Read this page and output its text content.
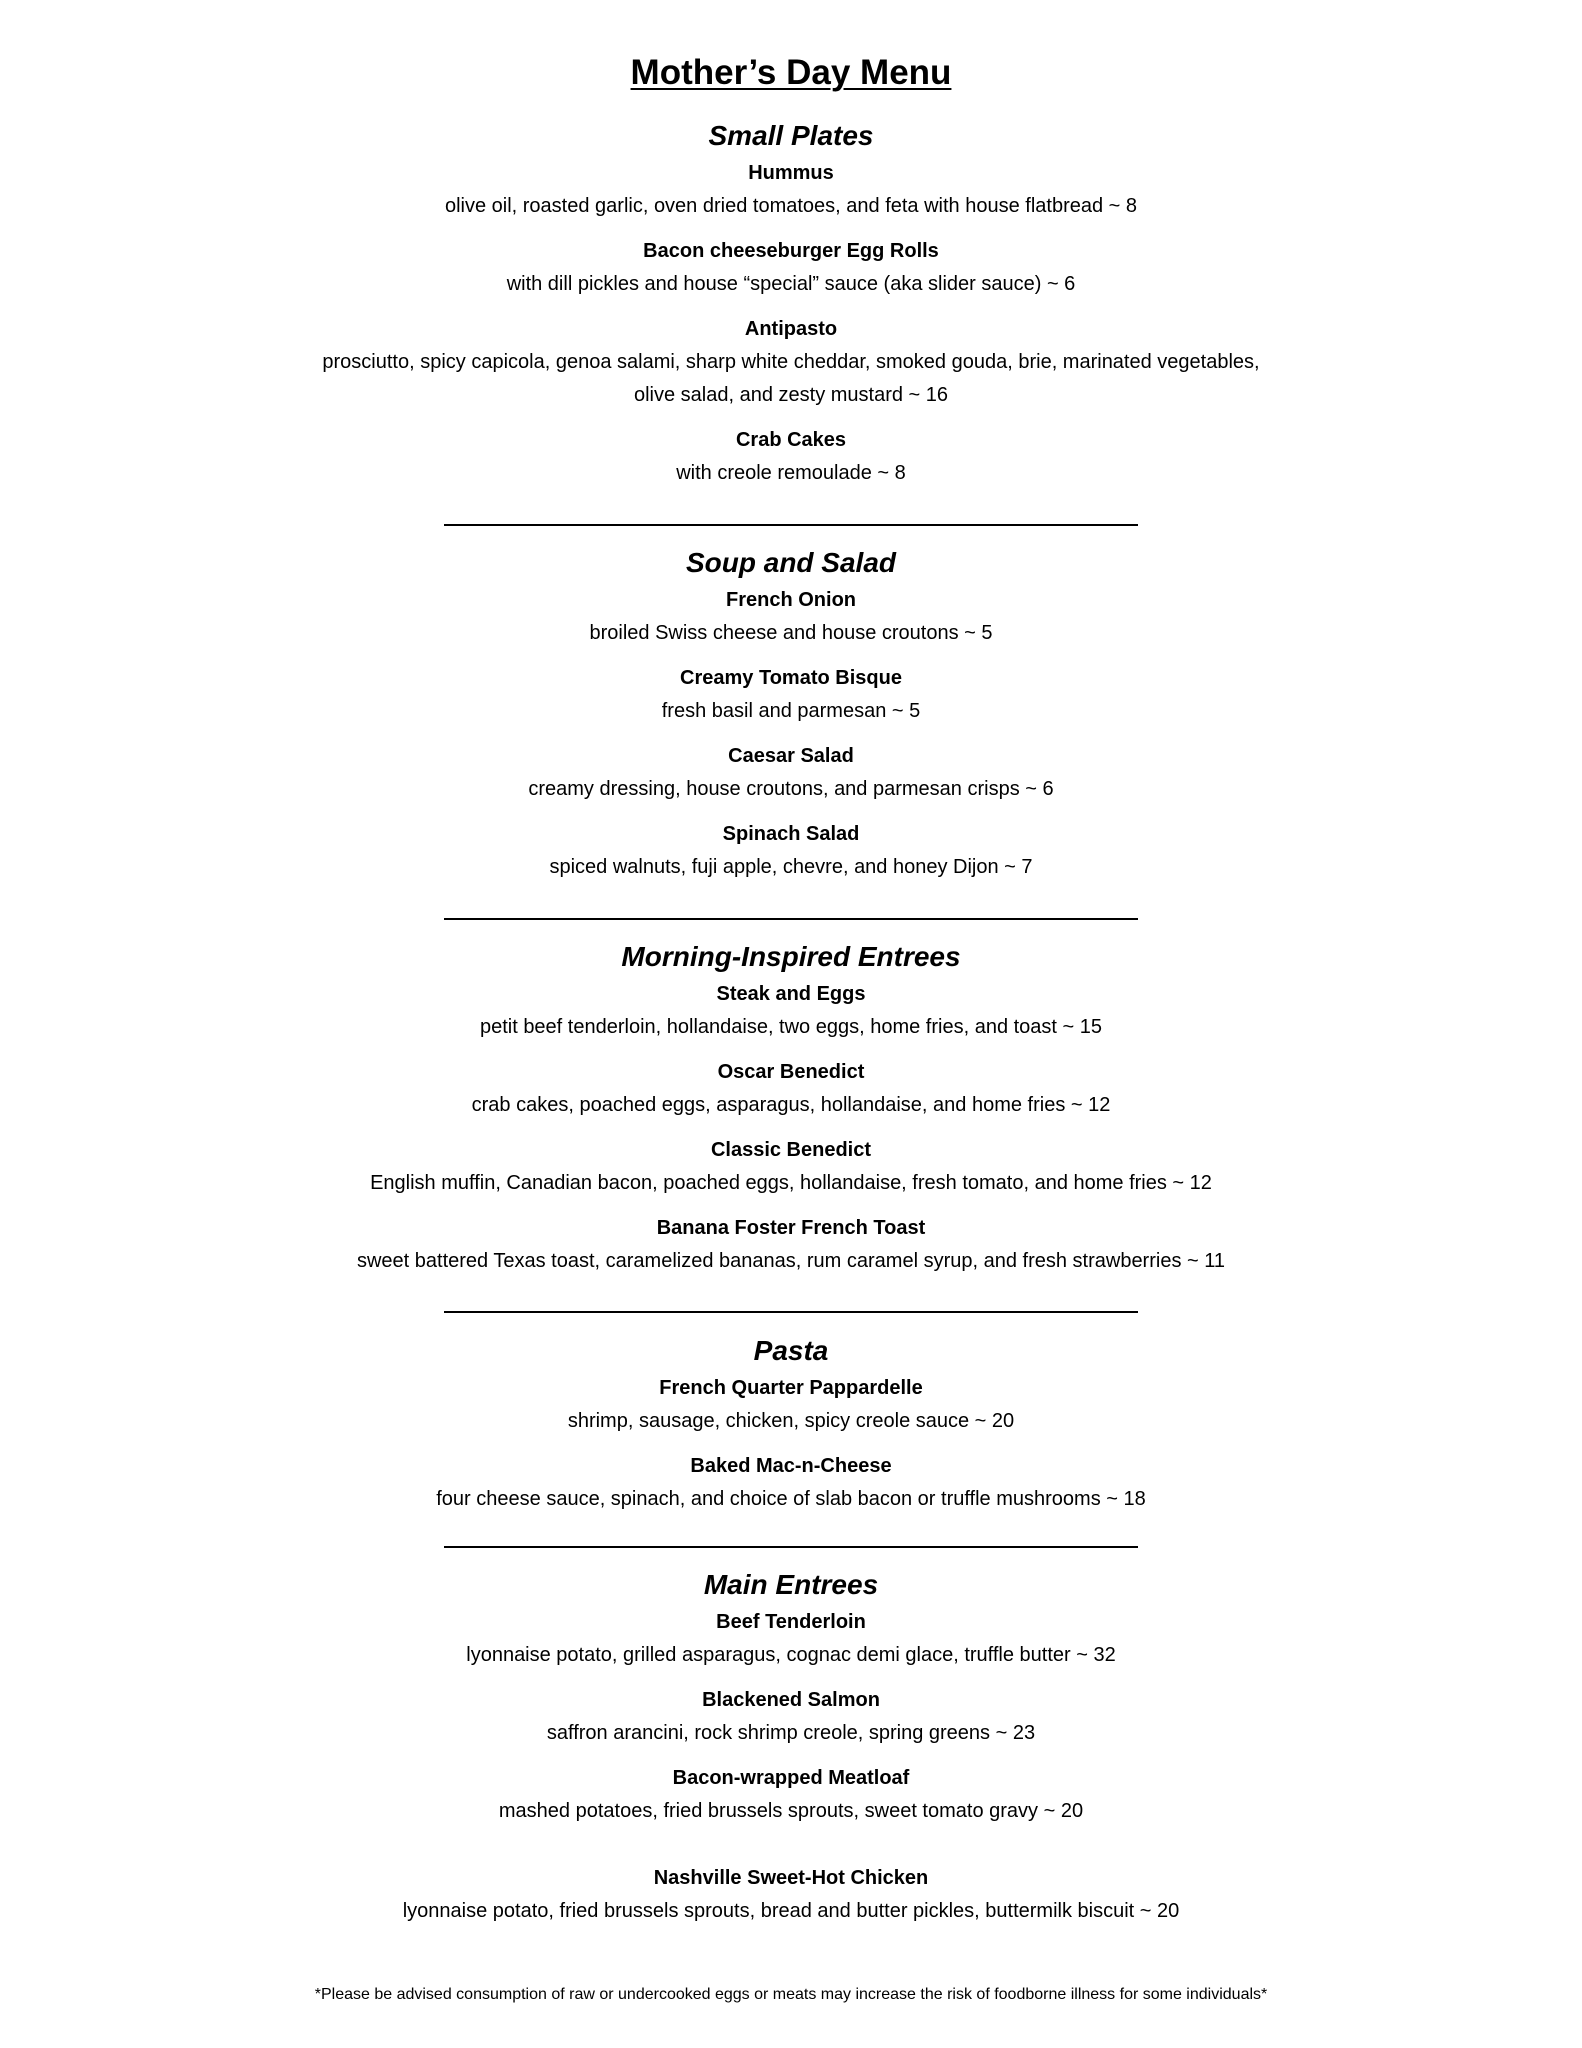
Mother’s Day Menu
Small Plates
Hummus
olive oil, roasted garlic, oven dried tomatoes, and feta with house flatbread ~ 8
Bacon cheeseburger Egg Rolls
with dill pickles and house “special” sauce (aka slider sauce) ~ 6
Antipasto
prosciutto, spicy capicola, genoa salami, sharp white cheddar, smoked gouda, brie, marinated vegetables,
olive salad, and zesty mustard ~ 16
Crab Cakes
with creole remoulade ~ 8
Soup and Salad
French Onion
broiled Swiss cheese and house croutons ~ 5
Creamy Tomato Bisque
fresh basil and parmesan ~ 5
Caesar Salad
creamy dressing, house croutons, and parmesan crisps ~ 6
Spinach Salad
spiced walnuts, fuji apple, chevre, and honey Dijon ~ 7
Morning-Inspired Entrees
Steak and Eggs
petit beef tenderloin, hollandaise, two eggs, home fries, and toast ~ 15
Oscar Benedict
crab cakes, poached eggs, asparagus, hollandaise, and home fries ~ 12
Classic Benedict
English muffin, Canadian bacon, poached eggs, hollandaise, fresh tomato, and home fries ~ 12
Banana Foster French Toast
sweet battered Texas toast, caramelized bananas, rum caramel syrup, and fresh strawberries ~ 11
Pasta
French Quarter Pappardelle
shrimp, sausage, chicken, spicy creole sauce ~ 20
Baked Mac-n-Cheese
four cheese sauce, spinach, and choice of slab bacon or truffle mushrooms ~ 18
Main Entrees
Beef Tenderloin
lyonnaise potato, grilled asparagus, cognac demi glace, truffle butter ~ 32
Blackened Salmon
saffron arancini, rock shrimp creole, spring greens ~ 23
Bacon-wrapped Meatloaf
mashed potatoes, fried brussels sprouts, sweet tomato gravy ~ 20
Nashville Sweet-Hot Chicken
lyonnaise potato, fried brussels sprouts, bread and butter pickles, buttermilk biscuit ~ 20
*Please be advised consumption of raw or undercooked eggs or meats may increase the risk of foodborne illness for some individuals*
